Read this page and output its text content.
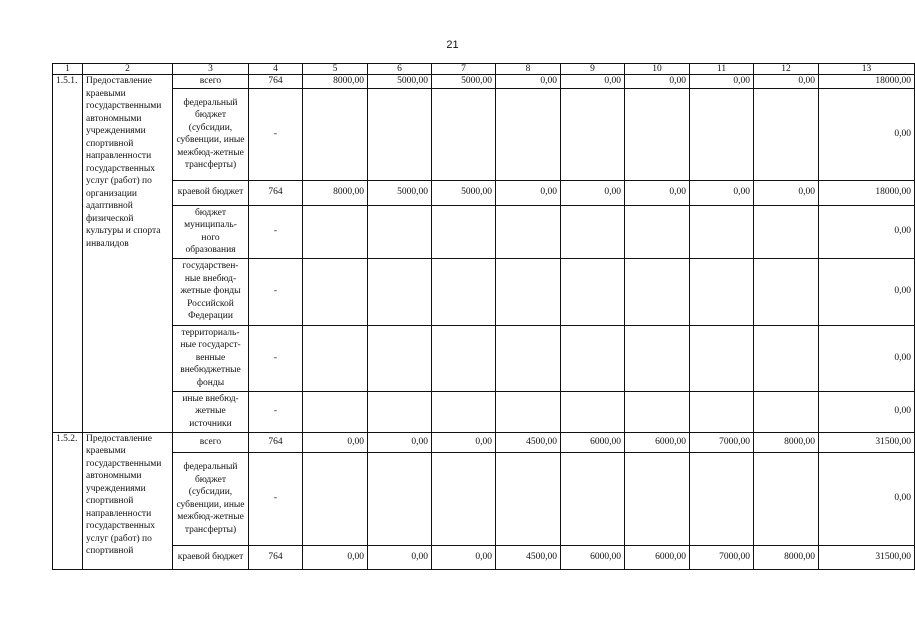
21
1	2	3	4	5	6	7	8	9	10	11	12	13
1.5.1.	Предоставление краевыми государственными автономными учреждениями спортивной направленности государственных услуг (работ) по организации адаптивной физической культуры и спорта инвалидов	всего	764	8000,00	5000,00	5000,00	0,00	0,00	0,00	0,00	0,00	18000,00
		федеральный бюджет (субсидии, субвенции, иные межбюд-жетные трансферты)	-									0,00
		краевой бюджет	764	8000,00	5000,00	5000,00	0,00	0,00	0,00	0,00	0,00	18000,00
		бюджет муниципаль-ного образования	-									0,00
		государствен-ные внебюд-жетные фонды Российской Федерации	-									0,00
		территориаль-ные государст-венные внебюджетные фонды	-									0,00
		иные внебюд-жетные источники	-									0,00
1.5.2.	Предоставление краевыми государственными автономными учреждениями спортивной направленности государственных услуг (работ) по спортивной	всего	764	0,00	0,00	0,00	4500,00	6000,00	6000,00	7000,00	8000,00	31500,00
		федеральный бюджет (субсидии, субвенции, иные межбюд-жетные трансферты)	-									0,00
		краевой бюджет	764	0,00	0,00	0,00	4500,00	6000,00	6000,00	7000,00	8000,00	31500,00
